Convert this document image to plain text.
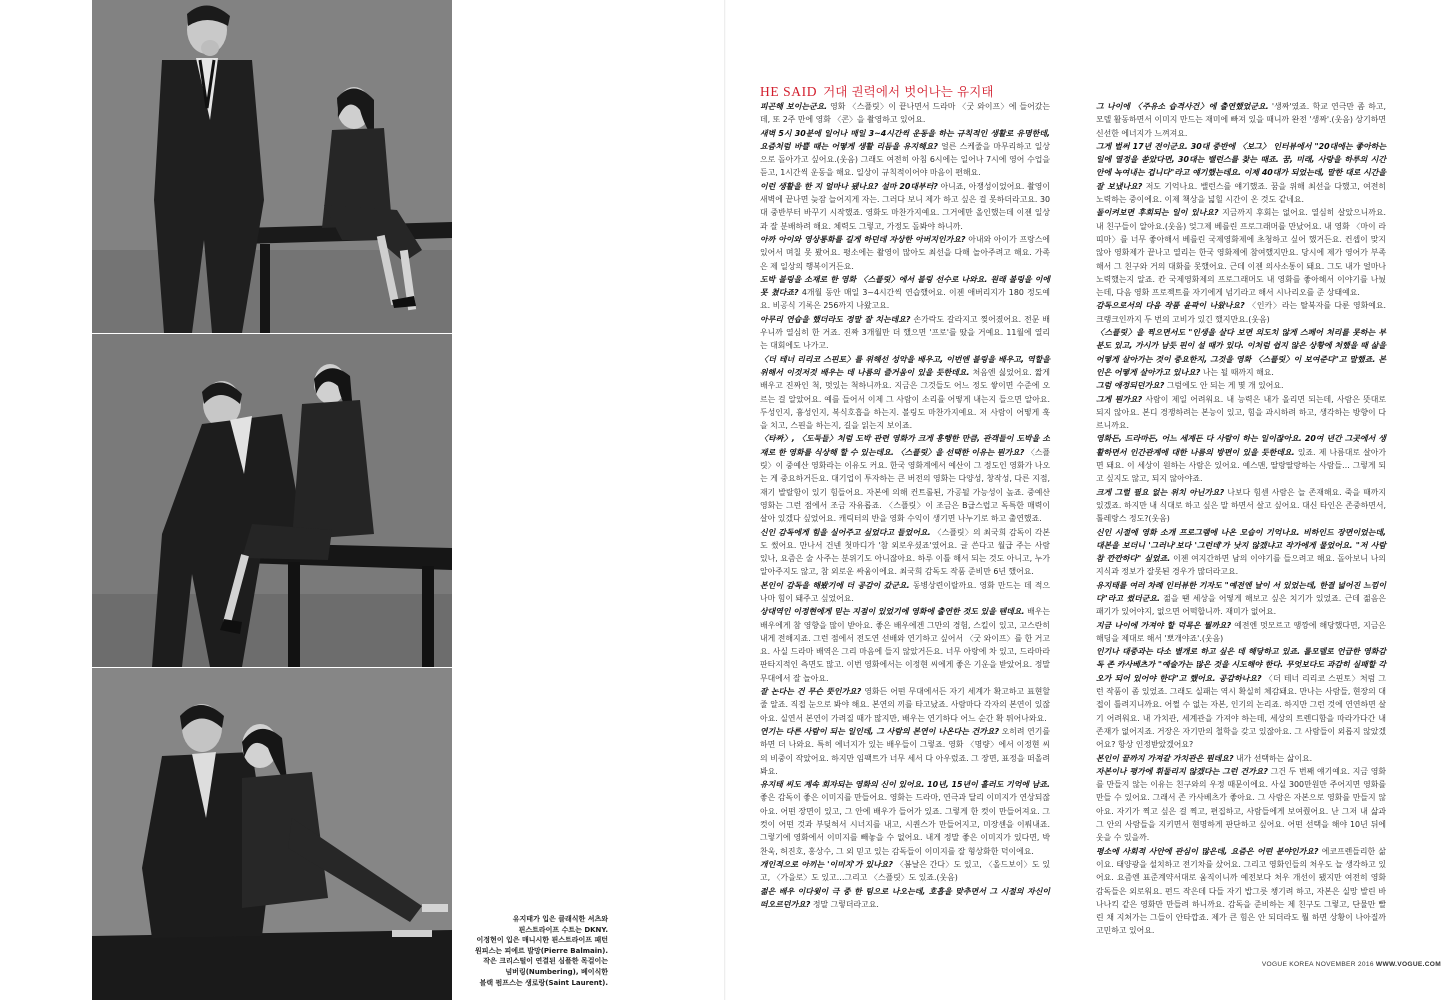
유지태가 입은 클래식한 셔츠와
핀스트라이프 수트는 DKNY.
이정현이 입은 매니시한 핀스트라이프 패턴
원피스는 피에르 발망(Pierre Balmain).
작은 크리스털이 연결된 심플한 목걸이는
넘버링(Numbering), 베이식한
블랙 펌프스는 생로랑(Saint Laurent).
HE SAID 거대 권력에서 벗어나는 유지태

피곤해 보이는군요. 영화 〈스플릿〉이 끝나면서 드라마 〈굿 와이프〉에 들어갔는데, 또 2주 만에 영화 〈콘〉을 촬영하고 있어요.

새벽 5시 30분에 일어나 매일 3~4시간씩 운동을 하는 규칙적인 생활로 유명한데, 요즘처럼 바쁠 때는 어떻게 생활 리듬을 유지해요? 얼른 스케줄을 마무리하고 일상으로 돌아가고 싶어요.(웃음) 그래도 여전히 아침 6시에는 일어나 7시에 영어 수업을 듣고, 1시간씩 운동을 해요. 일상이 규칙적이어야 마음이 편해요.

이런 생활을 한 지 얼마나 됐나요? 설마 20대부터? 아니죠, 아쟁성이었어요. 촬영이 새벽에 끝나면 늦잠 늘어지게 자는. 그러다 보니 제가 하고 싶은 걸 못하더라고요. 30대 중반부터 바꾸기 시작했죠. 영화도 마찬가지예요. 그거에만 올인했는데 이젠 일상과 잘 분배하려 해요. 체력도 그렇고, 가정도 돌봐야 하니까.

아까 아이와 영상통화를 길게 하던데 자상한 아버지인가요? 아내와 아이가 프랑스에 있어서 며칠 못 봤어요. 평소에는 촬영이 많아도 최선을 다해 놀아주려고 해요. 가족은 제 일상의 행복이거든요.

도박 볼링을 소재로 한 영화 〈스플릿〉에서 볼링 선수로 나와요. 원래 볼링을 이에 못 쳤다죠? 4개월 동안 매일 3~4시간씩 연습했어요. 이젠 애버리지가 180 정도예요. 비공식 기록은 256까지 나왔고요.

아무리 연습을 했더라도 정말 잘 치는데요? 손가락도 갈라지고 찢어졌어요. 전문 배우니까 열심히 한 거죠. 진짜 3개월만 더 했으면 '프로'를 땄을 거예요. 11월에 열리는 대회에도 나가고.

〈더 테너 리리코 스핀토〉를 위해선 성악을 배우고, 이번엔 볼링을 배우고, 역할을 위해서 이것저것 배우는 데 나름의 즐거움이 있을 듯한데요. 처음엔 싫었어요. 짧게 배우고 진짜인 척, 멋있는 척하니까요. 지금은 그것들도 어느 정도 쌓이면 수준에 오르는 걸 알았어요. 예를 들어서 이제 그 사람이 소리를 어떻게 내는지 들으면 알아요. 두성인지, 흉성인지, 복식호흡을 하는지. 볼링도 마찬가지예요. 저 사람이 어떻게 훅을 치고, 스핀을 하는지, 길을 읽는지 보이죠.

〈타짜〉, 〈도둑들〉처럼 도박 관련 영화가 크게 흥행한 만큼, 관객들이 도박을 소재로 한 영화를 식상해 할 수 있는데요. 〈스플릿〉을 선택한 이유는 뭔가요? 〈스플릿〉이 중예산 영화라는 이유도 커요. 한국 영화계에서 예산이 그 정도인 영화가 나오는 게 중요하거든요. 대기업이 투자하는 큰 버전의 영화는 다양성, 창작성, 다른 지점, 재기 발랄함이 있기 힘들어요. 자본에 의해 컨트롤된, 가공될 가능성이 높죠. 중예산 영화는 그런 점에서 조금 자유롭죠. 〈스플릿〉이 조금은 B급스럽고 독특한 매력이 살아 있겠다 싶었어요. 캐릭터의 반을 영화 수익이 생기면 나누기로 하고 출연했죠.

신인 감독에게 힘을 실어주고 싶었다고 들었어요. 〈스플릿〉의 최국희 감독이 각본도 썼어요. 만나서 건넨 첫마디가 '참 외로우셨죠'였어요. 글 쓴다고 월급 주는 사람 있나, 요즘은 술 사주는 분위기도 아니잖아요. 하루 이틀 해서 되는 것도 아니고, 누가 알아주지도 않고, 참 외로운 싸움이에요. 최국희 감독도 작품 준비만 6년 했어요.

본인이 감독을 해봤기에 더 공감이 갔군요. 동병상련이랄까요. 영화 만드는 데 적으나마 힘이 돼주고 싶었어요.

상대역인 이정현에게 믿는 지점이 있었기에 영화에 출연한 것도 있을 텐데요. 배우는 배우에게 참 영향을 많이 받아요. 좋은 배우에겐 그만의 경험, 스킬이 있고, 고스란히 내게 전해지죠. 그런 점에서 전도연 선배와 연기하고 싶어서 〈굿 와이프〉를 한 거고요. 사실 드라마 배역은 그리 마음에 들지 않았거든요. 너무 아랑에 차 있고, 드라마라 판타지적인 측면도 많고. 이번 영화에서는 이정현 씨에게 좋은 기운을 받았어요. 정말 무대에서 잘 놀아요.

잘 논다는 건 무슨 뜻인가요? 영화든 어떤 무대에서든 자기 세계가 확고하고 표현할 줄 알죠. 직접 눈으로 봐야 해요. 본연의 끼를 타고났죠. 사람마다 각자의 본연이 있잖아요. 실연서 본연이 가려질 때가 많지만, 배우는 연기하다 어느 순간 확 튀어나와요.

연기는 다른 사람이 되는 일인데, 그 사람의 본연이 나온다는 건가요? 오히려 연기를 하면 더 나와요. 특히 에너지가 있는 배우들이 그렇죠. 영화 〈명량〉에서 이정현 씨의 비중이 작았어요. 하지만 임팩트가 너무 세서 다 아우렀죠. 그 장면, 표정을 떠올려봐요.

유지태 씨도 계속 회자되는 영화의 신이 있어요. 10년, 15년이 흘러도 기억에 남죠. 좋은 감독이 좋은 이미지를 만들어요. 영화는 드라마, 연극과 달리 이미지가 연상되잖아요. 어떤 장면이 있고, 그 안에 배우가 들어가 있죠. 그렇게 한 컷이 만들어져요. 그 컷이 어떤 것과 부딪혀서 시너지를 내고, 시퀀스가 만들어지고, 미장센을 이뤄내죠. 그렇기에 영화에서 이미지를 빼놓을 수 없어요. 내게 정말 좋은 이미지가 있다면, 박찬욱, 허진호, 홍상수, 그 외 믿고 있는 감독들이 이미지를 잘 형상화한 덕이에요.

개인적으로 아끼는 '이미지'가 있나요? 〈봄날은 간다〉도 있고, 〈올드보이〉도 있고, 〈가을로〉도 있고…그리고 〈스플릿〉도 있죠.(웃음)

젊은 배우 이다윗이 극 중 한 팀으로 나오는데, 호흡을 맞추면서 그 시절의 자신이 떠오르던가요? 정말 그렇더라고요.

그 나이에 〈주유소 습격사건〉에 출연했었군요. '생짜'였죠. 학교 연극만 좀 하고, 모델 활동하면서 이미지 만드는 재미에 빠져 있을 때니까 완전 '생짜'.(웃음) 상기하면 신선한 에너지가 느껴져요.

그게 벌써 17년 전이군요. 30대 중반에 〈보그〉 인터뷰에서 "20대에는 좋아하는 일에 열정을 쏟았다면, 30대는 밸런스를 찾는 때죠. 꿈, 미래, 사랑을 하루의 시간 안에 녹여내는 겁니다"라고 얘기했는데요. 이제 40대가 되었는데, 말한 대로 시간을 잘 보냈나요? 저도 기억나요. 밸런스를 얘기했죠. 꿈을 위해 최선을 다했고, 여전히 노력하는 중이에요. 이제 책상을 넓힐 시간이 온 것도 같네요.

돌이켜보면 후회되는 일이 있나요? 지금까지 후회는 없어요. 열심히 살았으니까요. 내 친구들이 알아요.(웃음) 엊그제 베를린 프로그래머를 만났어요. 내 영화 〈마이 라띠마〉를 너무 좋아해서 베를린 국제영화제에 초청하고 싶어 했거든요. 컨셉이 맞지 않아 영화제가 끝나고 열리는 한국 영화제에 참여했지만요. 당시에 제가 영어가 부족해서 그 친구와 거의 대화를 못했어요. 근데 이젠 의사소통이 돼요. 그도 내가 얼마나 노력했는지 알죠. 칸 국제영화제의 프로그래머도 내 영화를 좋아해서 이야기를 나눴는데, 다음 영화 프로젝트를 자기에게 넘기라고 해서 시나리오를 준 상태예요.

감독으로서의 다음 작품 윤곽이 나왔나요? 〈인카〉라는 탈북자를 다룬 영화예요. 크랭크인까지 두 번의 고비가 있긴 했지만요.(웃음)

〈스플릿〉을 찍으면서도 "인생을 살다 보면 의도치 않게 스페어 처리를 못하는 부분도 있고, 가시가 남듯 핀이 설 때가 있다. 이처럼 쉽지 않은 상황에 처했을 때 삶을 어떻게 살아가는 것이 중요한지, 그것을 영화 〈스플릿〉이 보여준다"고 말했죠. 본인은 어떻게 살아가고 있나요? 나는 될 때까지 해요.

그럼 애정되던가요? 그럼에도 안 되는 게 몇 개 있어요.

그게 뭔가요? 사람이 제일 어려워요. 내 능력은 내가 올리면 되는데, 사람은 뜻대로 되지 않아요. 본디 경쟁하려는 본능이 있고, 힘을 과시하려 하고, 생각하는 방향이 다르니까요.

영화든, 드라마든, 어느 세계든 다 사람이 하는 일이잖아요. 20여 년간 그곳에서 생활하면서 인간관계에 대한 나름의 방편이 있을 듯한데요. 있죠. 제 나름대로 살아가면 돼요. 이 세상이 원하는 사람은 있어요. 예스맨, 딸랑딸랑하는 사람들… 그렇게 되고 싶지도 않고, 되지 않아야죠.

크게 그럴 필요 없는 위치 아닌가요? 나보다 힘센 사람은 늘 존재해요. 죽을 때까지 있겠죠. 하지만 내 식대로 하고 싶은 말 하면서 살고 싶어요. 대신 타인은 존중하면서, 톨레랑스 정도?(웃음)

신인 시절에 영화 소개 프로그램에 나온 모습이 기억나요. 비하인드 장면이었는데, 대본을 보더니 '그러나'보다 '그런데'가 낫지 않겠냐고 작가에게 물었어요. "저 사람 참 깐깐하다" 싶었죠. 이젠 여지간하면 남의 이야기를 들으려고 해요. 돌아보니 나의 지식과 정보가 잘못된 경우가 많더라고요.

유지태를 여러 차례 인터뷰한 기자도 "예전엔 날이 서 있었는데, 한결 넓어진 느낌이다"라고 썼더군요. 젊을 땐 세상을 어떻게 해보고 싶은 치기가 있었죠. 근데 젊음은 패기가 있어야지, 없으면 어떡합니까. 재미가 없어요.

지금 나이에 가져야 할 덕목은 뭘까요? 예전엔 멋모르고 땡깡에 해당했다면, 지금은 해딩을 제대로 해서 '뽀개야죠'.(웃음)

인기나 대중과는 다소 별개로 하고 싶은 데 해당하고 있죠. 롤모델로 언급한 영화감독 존 카사베츠가 "예술가는 많은 것을 시도해야 한다. 무엇보다도 과감히 실패할 각오가 되어 있어야 한다"고 했어요. 공감하나요? 〈더 테너 리리코 스핀토〉처럼 그런 작품이 좀 있었죠. 그래도 실패는 역시 확실히 체감돼요. 만나는 사람들, 현장의 대접이 틀려지니까요. 어쩔 수 없는 자본, 인기의 논리죠. 하지만 그런 것에 연연하면 살기 어려워요. 내 가치관, 세계관을 가져야 하는데, 세상의 트렌디함을 따라가다간 내 존재가 없어지죠. 거장은 자기만의 철학을 갖고 있잖아요. 그 사람들이 외롭지 않았겠어요? 항상 인정받았겠어요?

본인이 끝까지 가져갈 가치관은 뭔데요? 내가 선택하는 삶이요.

자본이나 평가에 휘둘리지 않겠다는 그런 건가요? 그건 두 번째 얘기예요. 지금 영화를 만들지 않는 이유는 친구와의 우정 때문이에요. 사실 300만원만 주어지면 영화를 만들 수 있어요. 그래서 존 카사베츠가 좋아요. 그 사람은 자본으로 영화를 만들지 않아요. 자기가 찍고 싶은 걸 찍고, 편집하고, 사람들에게 보여줬어요. 난 그저 내 삶과 그 안의 사람들을 지키면서 현명하게 판단하고 싶어요. 어떤 선택을 해야 10년 뒤에 웃을 수 있을까.

평소에 사회적 사안에 관심이 많은데, 요즘은 어떤 분야인가요? 에코프렌들리한 삶이요. 태양광을 설치하고 전기차를 샀어요. 그리고 영화인들의 처우도 늘 생각하고 있어요. 요즘엔 표준계약서대로 움직이니까 예전보다 처우 개선이 됐지만 여전히 영화감독들은 외로워요. 펀드 작은데 다들 자기 밥그릇 챙기려 하고, 자본은 실망 발린 바나나킥 같은 영화만 만들려 하니까요. 감독을 준비하는 제 친구도 그렇고, 단물만 빨린 채 지쳐가는 그들이 안타깝죠. 제가 큰 힘은 안 되더라도 뭘 하면 상황이 나아질까 고민하고 있어요.

VOGUE KOREA NOVEMBER 2016 WWW.VOGUE.COM
